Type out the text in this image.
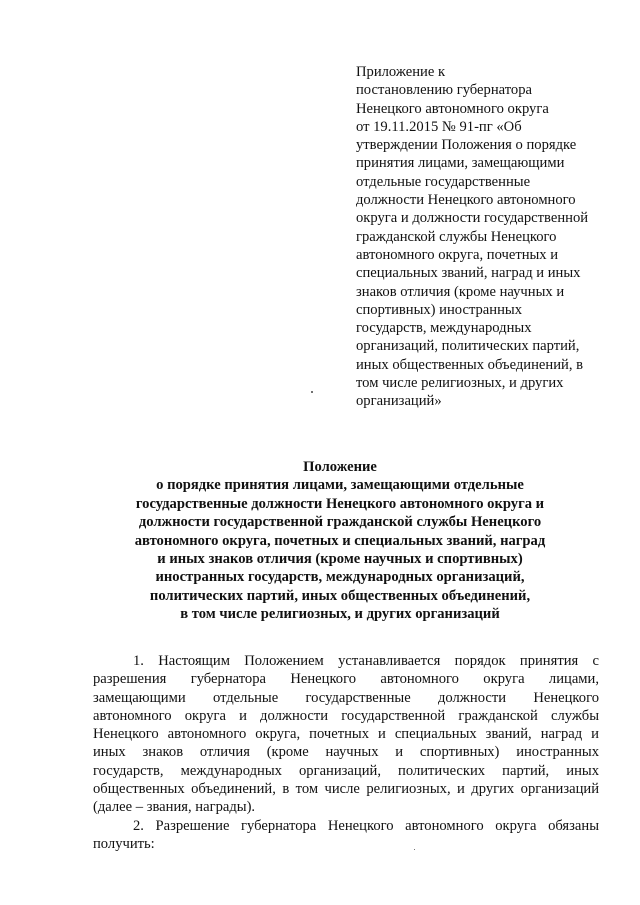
Приложение к
постановлению губернатора
Ненецкого автономного округа
от 19.11.2015 № 91-пг «Об
утверждении Положения о порядке
принятия лицами, замещающими
отдельные государственные
должности Ненецкого автономного
округа и должности государственной
гражданской службы Ненецкого
автономного округа, почетных и
специальных званий, наград и иных
знаков отличия (кроме научных и
спортивных) иностранных
государств, международных
организаций, политических партий,
иных общественных объединений, в
том числе религиозных, и других
организаций»
Положение
о порядке принятия лицами, замещающими отдельные
государственные должности Ненецкого автономного округа и
должности государственной гражданской службы Ненецкого
автономного округа, почетных и специальных званий, наград
и иных знаков отличия (кроме научных и спортивных)
иностранных государств, международных организаций,
политических партий, иных общественных объединений,
в том числе религиозных, и других организаций
1. Настоящим Положением устанавливается порядок принятия с
разрешения губернатора Ненецкого автономного округа лицами,
замещающими отдельные государственные должности Ненецкого
автономного округа и должности государственной гражданской службы
Ненецкого автономного округа, почетных и специальных званий, наград и
иных знаков отличия (кроме научных и спортивных) иностранных
государств, международных организаций, политических партий, иных
общественных объединений, в том числе религиозных, и других организаций
(далее – звания, награды).
2. Разрешение губернатора Ненецкого автономного округа обязаны
получить:
